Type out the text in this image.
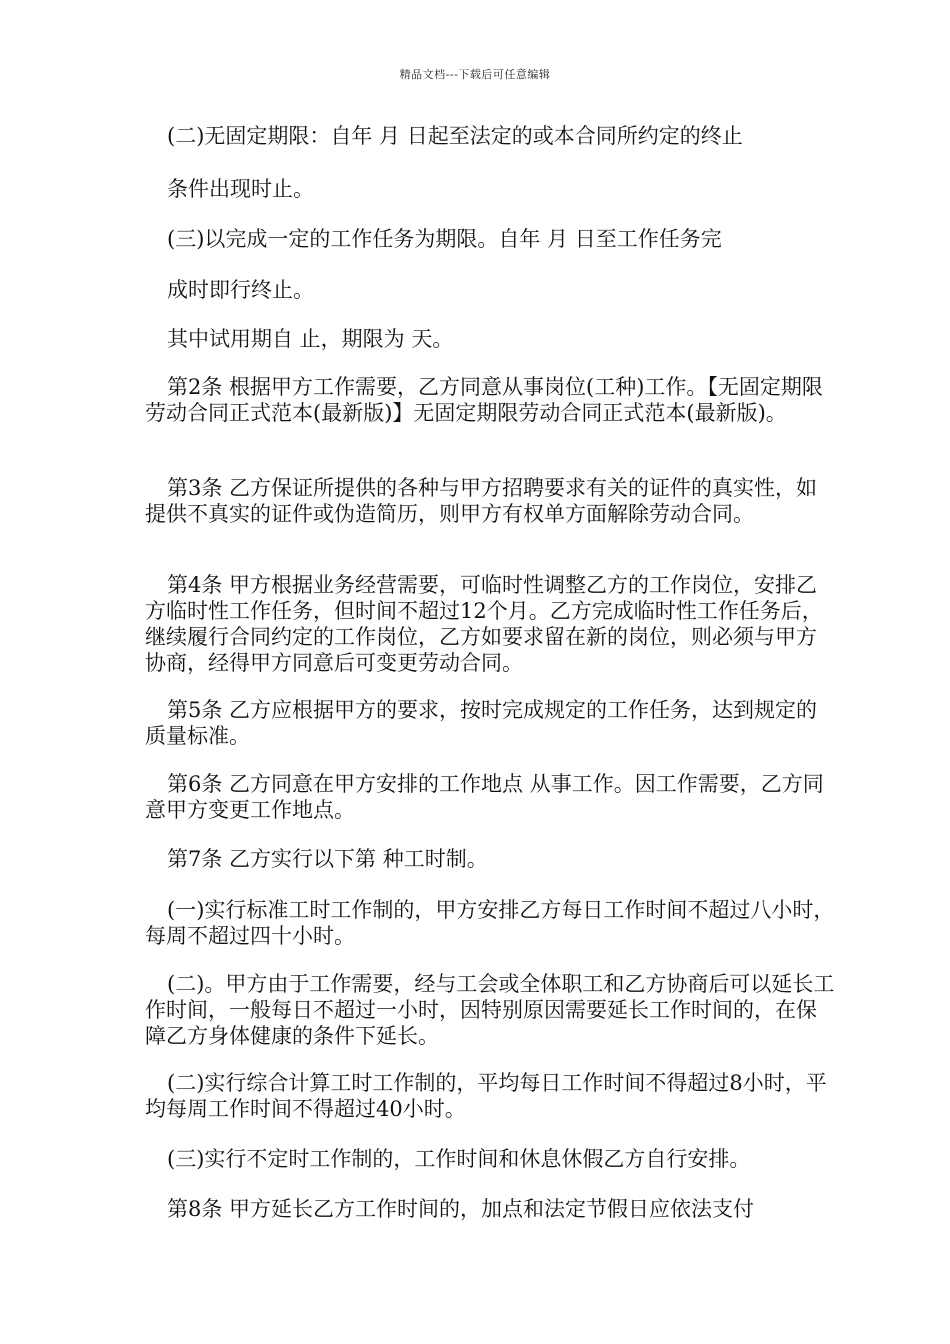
精品文档---下载后可任意编辑
(二)无固定期限：自年 月 日起至法定的或本合同所约定的终止
条件出现时止。
(三)以完成一定的工作任务为期限。自年 月 日至工作任务完
成时即行终止。
其中试用期自 止，期限为 天。
第2条 根据甲方工作需要，乙方同意从事岗位(工种)工作。【无固定期限劳动合同正式范本(最新版)】无固定期限劳动合同正式范本(最新版)。
第3条 乙方保证所提供的各种与甲方招聘要求有关的证件的真实性，如提供不真实的证件或伪造简历，则甲方有权单方面解除劳动合同。
第4条 甲方根据业务经营需要，可临时性调整乙方的工作岗位，安排乙方临时性工作任务，但时间不超过12个月。乙方完成临时性工作任务后，继续履行合同约定的工作岗位，乙方如要求留在新的岗位，则必须与甲方协商，经得甲方同意后可变更劳动合同。
第5条 乙方应根据甲方的要求，按时完成规定的工作任务，达到规定的质量标准。
第6条 乙方同意在甲方安排的工作地点 从事工作。因工作需要，乙方同意甲方变更工作地点。
第7条 乙方实行以下第 种工时制。
(一)实行标准工时工作制的，甲方安排乙方每日工作时间不超过八小时，每周不超过四十小时。
(二)。甲方由于工作需要，经与工会或全体职工和乙方协商后可以延长工作时间，一般每日不超过一小时，因特别原因需要延长工作时间的，在保障乙方身体健康的条件下延长。
(二)实行综合计算工时工作制的，平均每日工作时间不得超过8小时，平均每周工作时间不得超过40小时。
(三)实行不定时工作制的，工作时间和休息休假乙方自行安排。
第8条 甲方延长乙方工作时间的，加点和法定节假日应依法支付
